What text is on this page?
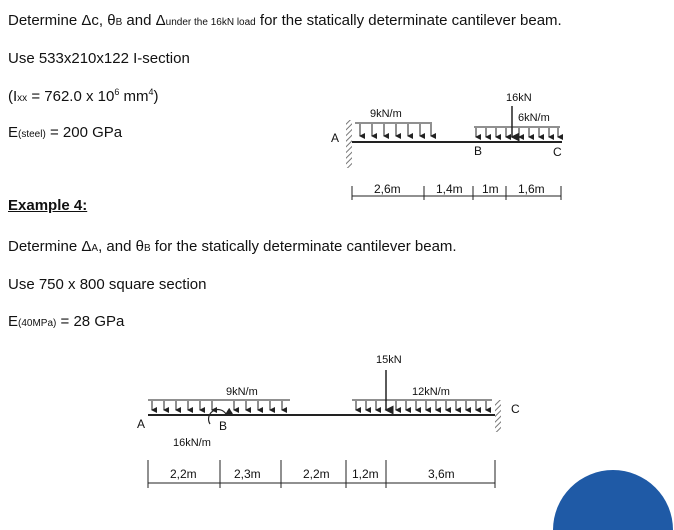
Determine Δc, θB and Δunder the 16kN load for the statically determinate cantilever beam.
Use 533x210x122 I-section
(Ixx = 762.0 x $10^6$ $mm^4$)
E(steel) = 200 GPa
Example 4:
Determine ΔA, and θB for the statically determinate cantilever beam.
Use 750 x 800 square section
E(40MPa) = 28 GPa
A
B	C
9kN/m	6kN/m
16kN
2,6m	1,4m 1m 1,6m
A	B
C
9kN/m
16kN/m
15kN
12kN/m
2,2m	2,3m	2,2m 1,2m	3,6m
